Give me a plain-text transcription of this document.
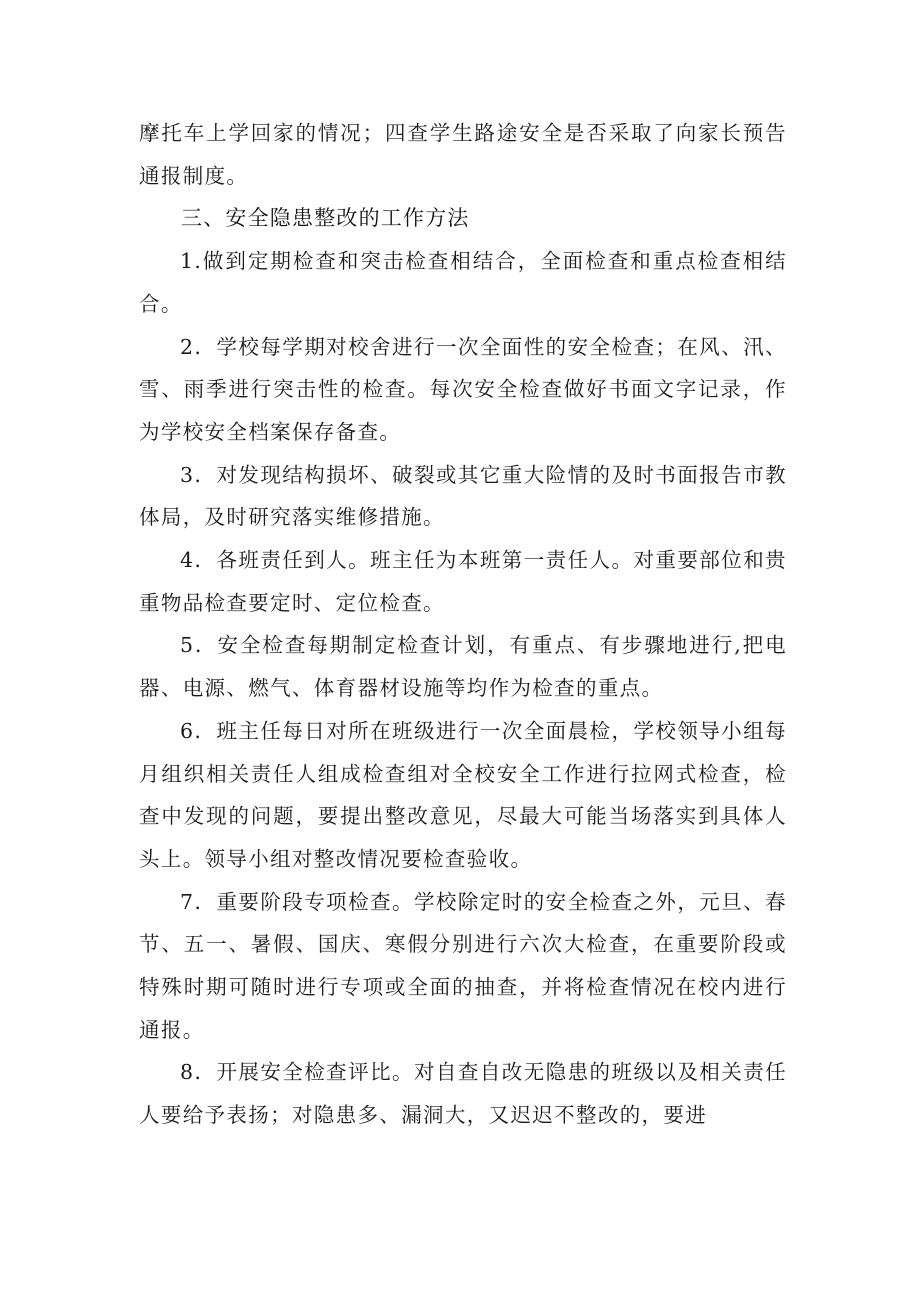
摩托车上学回家的情况；四查学生路途安全是否采取了向家长预告通报制度。

三、安全隐患整改的工作方法

1.做到定期检查和突击检查相结合，全面检查和重点检查相结合。

2．学校每学期对校舍进行一次全面性的安全检查；在风、汛、雪、雨季进行突击性的检查。每次安全检查做好书面文字记录，作为学校安全档案保存备查。

3．对发现结构损坏、破裂或其它重大险情的及时书面报告市教体局，及时研究落实维修措施。

4．各班责任到人。班主任为本班第一责任人。对重要部位和贵重物品检查要定时、定位检查。

5．安全检查每期制定检查计划，有重点、有步骤地进行,把电器、电源、燃气、体育器材设施等均作为检查的重点。

6．班主任每日对所在班级进行一次全面晨检，学校领导小组每月组织相关责任人组成检查组对全校安全工作进行拉网式检查，检查中发现的问题，要提出整改意见，尽最大可能当场落实到具体人头上。领导小组对整改情况要检查验收。

7．重要阶段专项检查。学校除定时的安全检查之外，元旦、春节、五一、暑假、国庆、寒假分别进行六次大检查，在重要阶段或特殊时期可随时进行专项或全面的抽查，并将检查情况在校内进行通报。

8．开展安全检查评比。对自查自改无隐患的班级以及相关责任人要给予表扬；对隐患多、漏洞大，又迟迟不整改的，要进
